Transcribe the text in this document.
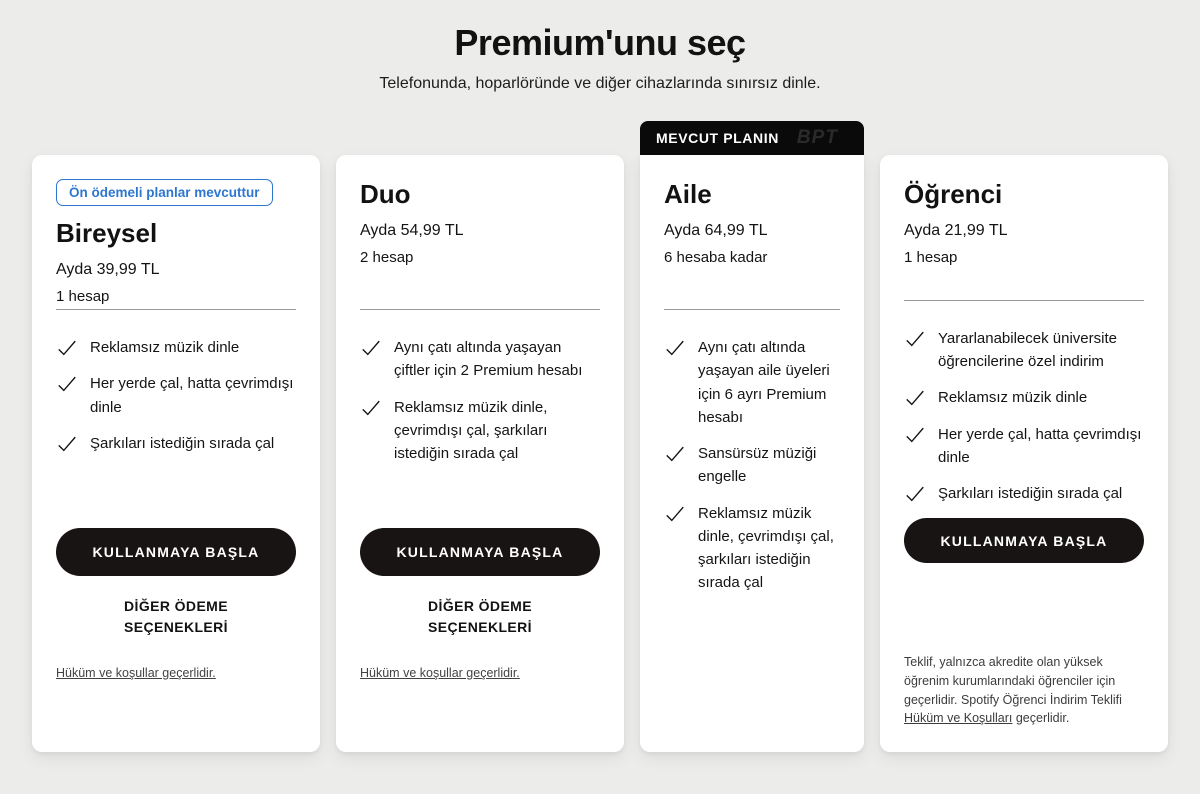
Premium'unu seç

Telefonunda, hoparlöründe ve diğer cihazlarında sınırsız dinle.

Ön ödemeli planlar mevcuttur
Bireysel
Ayda 39,99 TL
1 hesap
Reklamsız müzik dinle
Her yerde çal, hatta çevrimdışı dinle
Şarkıları istediğin sırada çal
KULLANMAYA BAŞLA
DİĞER ÖDEME SEÇENEKLERİ
Hüküm ve koşullar geçerlidir.
Duo
Ayda 54,99 TL
2 hesap
Aynı çatı altında yaşayan çiftler için 2 Premium hesabı
Reklamsız müzik dinle, çevrimdışı çal, şarkıları istediğin sırada çal
KULLANMAYA BAŞLA
DİĞER ÖDEME SEÇENEKLERİ
Hüküm ve koşullar geçerlidir.
MEVCUT PLANIN BPT
Aile
Ayda 64,99 TL
6 hesaba kadar
Aynı çatı altında yaşayan aile üyeleri için 6 ayrı Premium hesabı
Sansürsüz müziği engelle
Reklamsız müzik dinle, çevrimdışı çal, şarkıları istediğin sırada çal
Öğrenci
Ayda 21,99 TL
1 hesap
Yararlanabilecek üniversite öğrencilerine özel indirim
Reklamsız müzik dinle
Her yerde çal, hatta çevrimdışı dinle
Şarkıları istediğin sırada çal
KULLANMAYA BAŞLA

Teklif, yalnızca akredite olan yüksek öğrenim kurumlarındaki öğrenciler için geçerlidir. Spotify Öğrenci İndirim Teklifi Hüküm ve Koşulları geçerlidir.
